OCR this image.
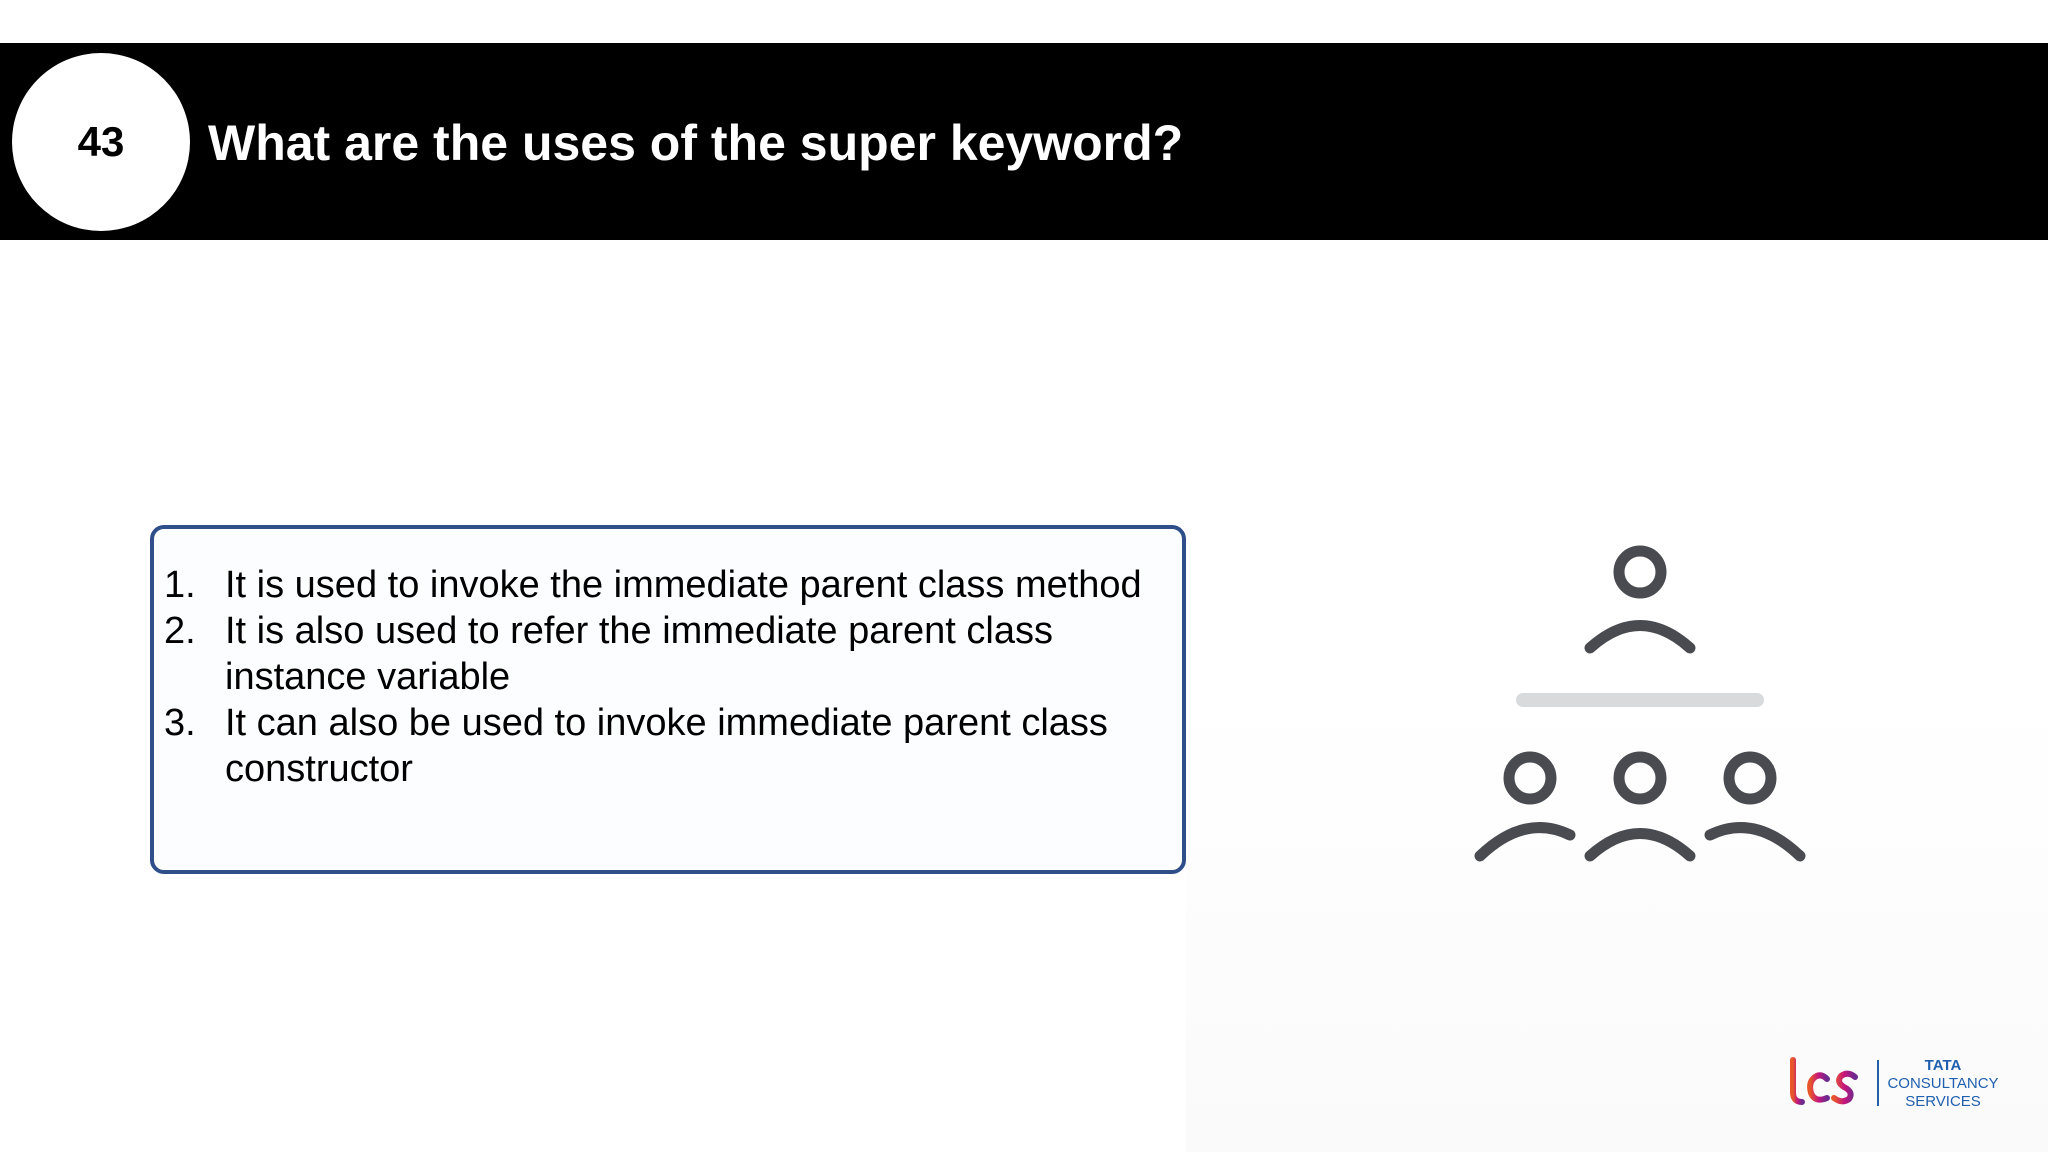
43 What are the uses of the super keyword?
1. It is used to invoke the immediate parent class method
2. It is also used to refer the immediate parent class instance variable
3. It can also be used to invoke immediate parent class constructor
TATA
CONSULTANCY
SERVICES
